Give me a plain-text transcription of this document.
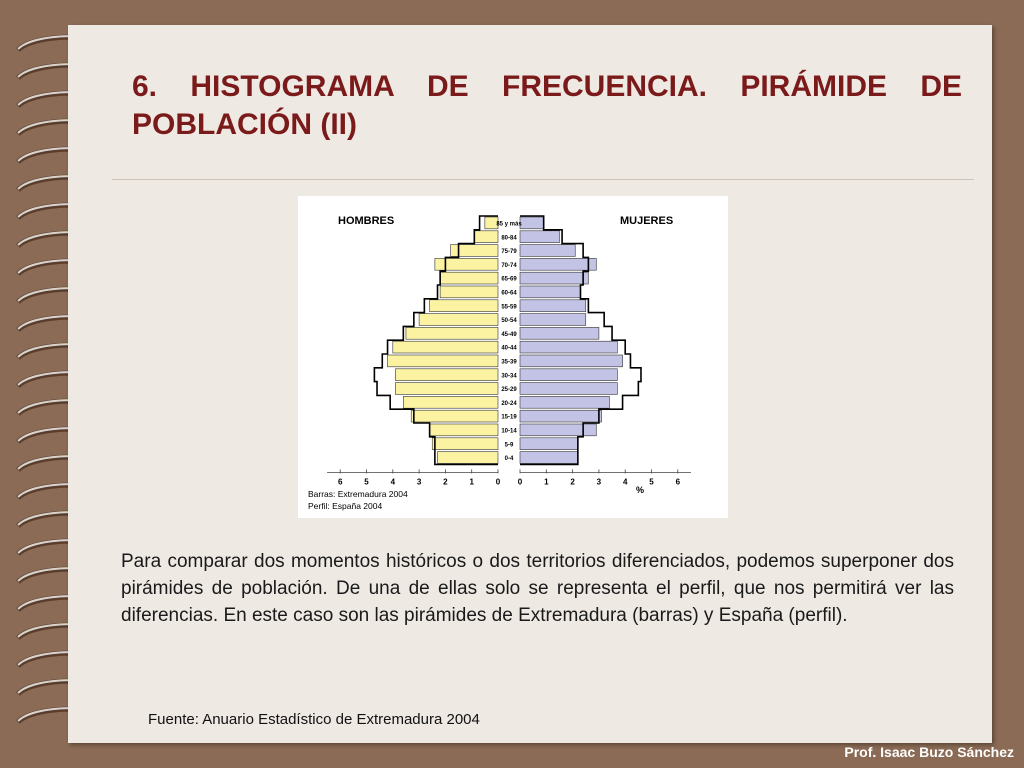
6. HISTOGRAMA DE FRECUENCIA. PIRÁMIDE DE POBLACIÓN (II)
HOMBRES	MUJERES
85 y más
80-84
75-79
70-74
65-69
60-64
55-59
50-54
45-49
40-44
35-39
30-34
25-29
20-24
15-19
10-14
5-9
0-4
6	6
5	5
4	4
3	3
2	2
1	1
0 0
%
Barras: Extremadura 2004
Perfil: España 2004
Para comparar dos momentos históricos o dos territorios diferenciados, podemos superponer dos pirámides de población. De una de ellas solo se representa el perfil, que nos permitirá ver las diferencias. En este caso son las pirámides de Extremadura (barras) y España (perfil).
Fuente: Anuario Estadístico de Extremadura 2004
Prof. Isaac Buzo Sánchez
